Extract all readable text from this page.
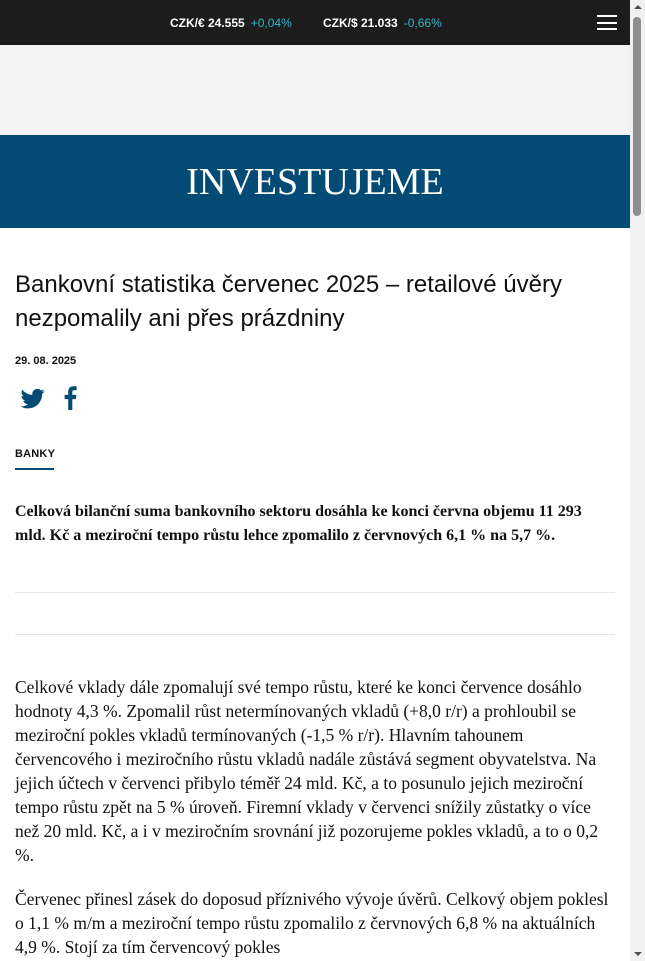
CZK/€ 24.555 +0,04%	CZK/$ 21.033 -0,66%
INVESTUJEME
Bankovní statistika červenec 2025 – retailové úvěry nezpomalily ani přes prázdniny
29. 08. 2025
BANKY

Celková bilanční suma bankovního sektoru dosáhla ke konci června objemu 11 293 mld. Kč a meziroční tempo růstu lehce zpomalilo z červnových 6,1 % na 5,7 %.

Celkové vklady dále zpomalují své tempo růstu, které ke konci července dosáhlo hodnoty 4,3 %. Zpomalil růst netermínovaných vkladů (+8,0 r/r) a prohloubil se meziroční pokles vkladů termínovaných (-1,5 % r/r). Hlavním tahounem červencového i meziročního růstu vkladů nadále zůstává segment obyvatelstva. Na jejich účtech v červenci přibylo téměř 24 mld. Kč, a to posunulo jejich meziroční tempo růstu zpět na 5 % úroveň. Firemní vklady v červenci snížily zůstatky o více než 20 mld. Kč, a i v meziročním srovnání již pozorujeme pokles vkladů, a to o 0,2 %.

Červenec přinesl zásek do doposud příznivého vývoje úvěrů. Celkový objem poklesl o 1,1 % m/m a meziroční tempo růstu zpomalilo z červnových 6,8 % na aktuálních 4,9 %. Stojí za tím červencový pokles
